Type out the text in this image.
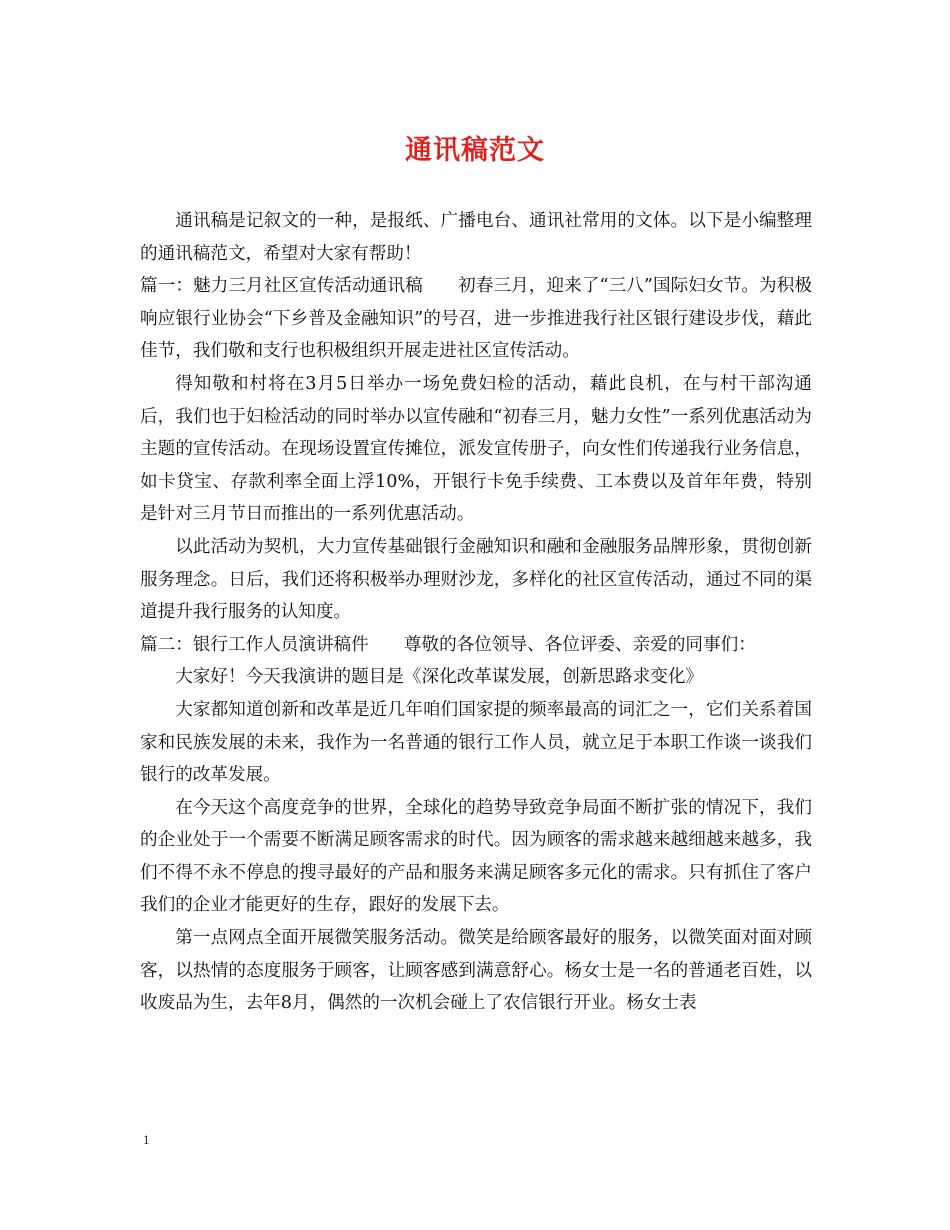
通讯稿范文

通讯稿是记叙文的一种，是报纸、广播电台、通讯社常用的文体。以下是小编整理的通讯稿范文，希望对大家有帮助！

篇一：魅力三月社区宣传活动通讯稿　　初春三月，迎来了“三八”国际妇女节。为积极响应银行业协会“下乡普及金融知识”的号召，进一步推进我行社区银行建设步伐，藉此佳节，我们敬和支行也积极组织开展走进社区宣传活动。

得知敬和村将在3月5日举办一场免费妇检的活动，藉此良机，在与村干部沟通后，我们也于妇检活动的同时举办以宣传融和“初春三月，魅力女性”一系列优惠活动为主题的宣传活动。在现场设置宣传摊位，派发宣传册子，向女性们传递我行业务信息，如卡贷宝、存款利率全面上浮10%，开银行卡免手续费、工本费以及首年年费，特别是针对三月节日而推出的一系列优惠活动。

以此活动为契机，大力宣传基础银行金融知识和融和金融服务品牌形象，贯彻创新服务理念。日后，我们还将积极举办理财沙龙，多样化的社区宣传活动，通过不同的渠道提升我行服务的认知度。

篇二：银行工作人员演讲稿件　　尊敬的各位领导、各位评委、亲爱的同事们：

大家好！今天我演讲的题目是《深化改革谋发展，创新思路求变化》

大家都知道创新和改革是近几年咱们国家提的频率最高的词汇之一，它们关系着国家和民族发展的未来，我作为一名普通的银行工作人员，就立足于本职工作谈一谈我们银行的改革发展。

在今天这个高度竞争的世界，全球化的趋势导致竞争局面不断扩张的情况下，我们的企业处于一个需要不断满足顾客需求的时代。因为顾客的需求越来越细越来越多，我们不得不永不停息的搜寻最好的产品和服务来满足顾客多元化的需求。只有抓住了客户我们的企业才能更好的生存，跟好的发展下去。

第一点网点全面开展微笑服务活动。微笑是给顾客最好的服务，以微笑面对面对顾客，以热情的态度服务于顾客，让顾客感到满意舒心。杨女士是一名的普通老百姓，以收废品为生，去年8月，偶然的一次机会碰上了农信银行开业。杨女士表

1
